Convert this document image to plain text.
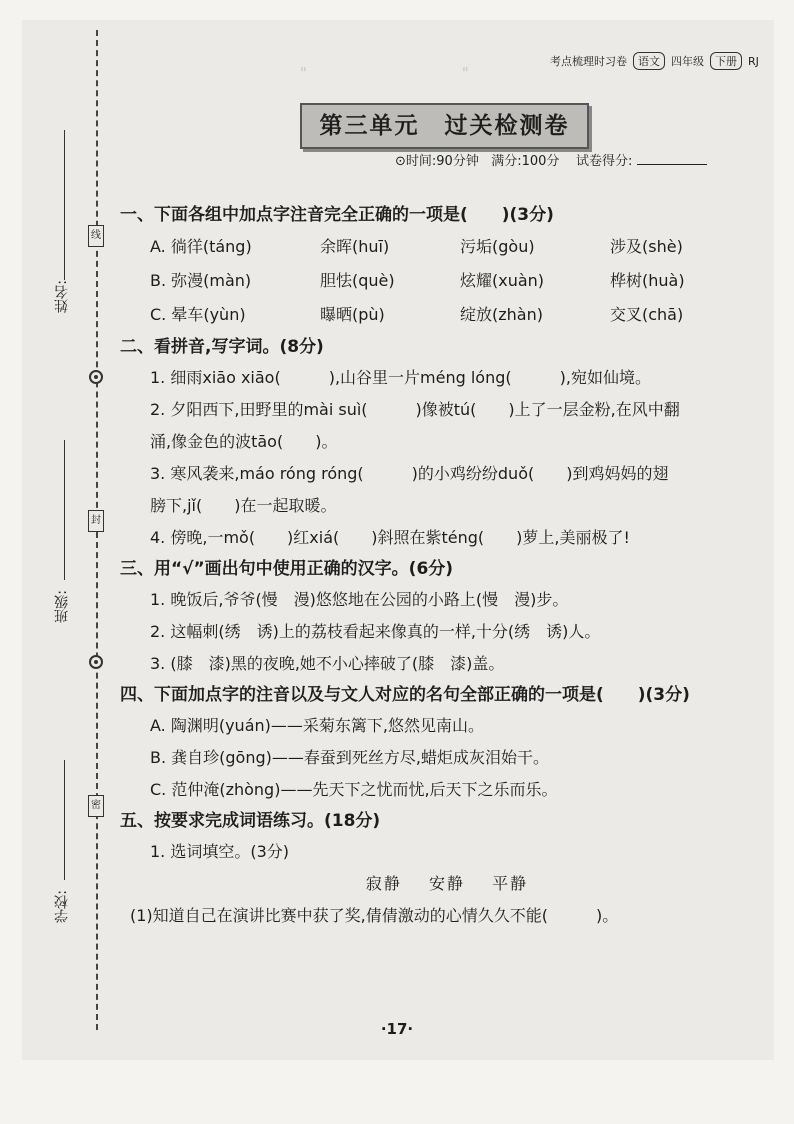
"　　　　　　　　　"
线
封
密
姓名:
班级:
学校:
考点梳理时习卷	语文	四年级	下册	RJ
第三单元　过关检测卷
⊙时间:90分钟 满分:100分 试卷得分:
一、下面各组中加点字注音完全正确的一项是(　　)(3分)
A. 徜徉(táng)	余晖(huī)	污垢(gòu)	涉及(shè)
B. 弥漫(màn)	胆怯(què)	炫耀(xuàn)	桦树(huà)
C. 晕车(yùn)	曝晒(pù)	绽放(zhàn)	交叉(chā)
二、看拼音,写字词。(8分)
1. 细雨xiāo xiāo(　　　),山谷里一片méng lóng(　　　),宛如仙境。
2. 夕阳西下,田野里的mài suì(　　　)像被tú(　　)上了一层金粉,在风中翻
涌,像金色的波tāo(　　)。
3. 寒风袭来,máo róng róng(　　　)的小鸡纷纷duǒ(　　)到鸡妈妈的翅
膀下,jǐ(　　)在一起取暖。
4. 傍晚,一mǒ(　　)红xiá(　　)斜照在紫téng(　　)萝上,美丽极了!
三、用“√”画出句中使用正确的汉字。(6分)
1. 晚饭后,爷爷(慢　漫)悠悠地在公园的小路上(慢　漫)步。
2. 这幅刺(绣　诱)上的荔枝看起来像真的一样,十分(绣　诱)人。
3. (膝　漆)黑的夜晚,她不小心摔破了(膝　漆)盖。
四、下面加点字的注音以及与文人对应的名句全部正确的一项是(　　)(3分)
A. 陶渊明(yuán)——采菊东篱下,悠然见南山。
B. 龚自珍(gōng)——春蚕到死丝方尽,蜡炬成灰泪始干。
C. 范仲淹(zhòng)——先天下之忧而忧,后天下之乐而乐。
五、按要求完成词语练习。(18分)
1. 选词填空。(3分)
寂静 安静 平静
(1)知道自己在演讲比赛中获了奖,倩倩激动的心情久久不能(　　　)。
·17·
